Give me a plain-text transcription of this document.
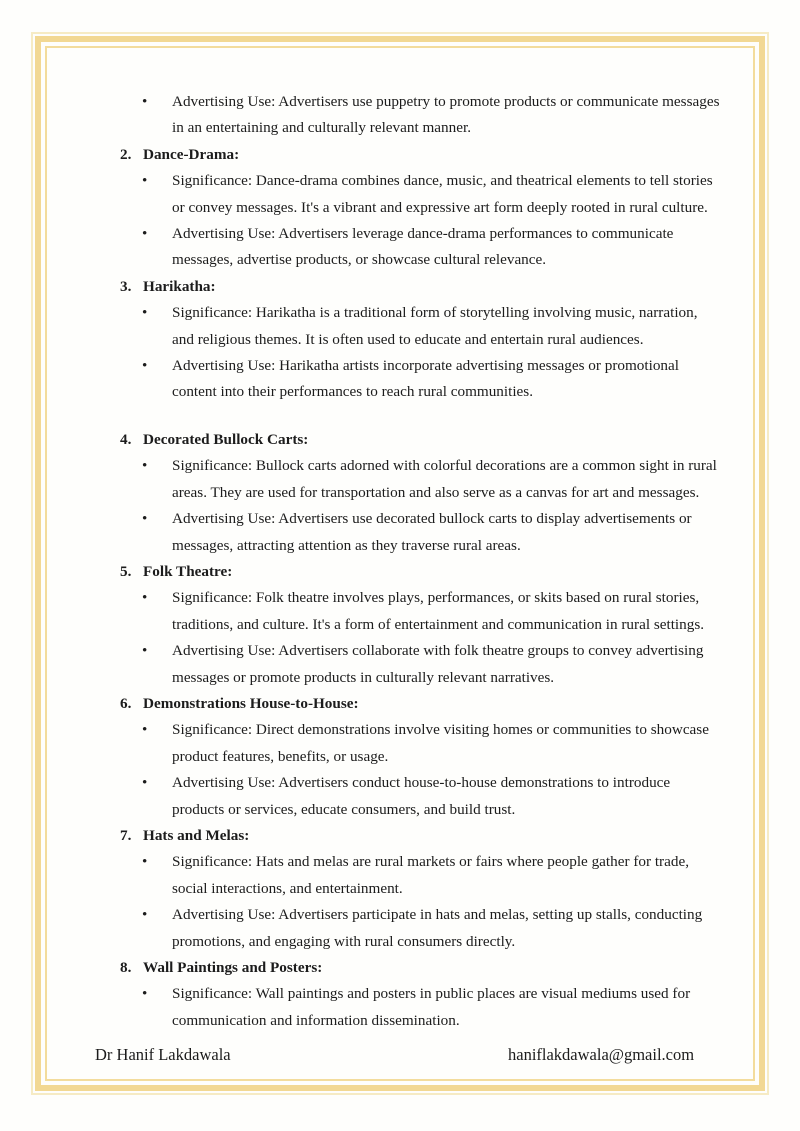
•	Advertising Use: Advertisers use puppetry to promote products or communicate messages
in an entertaining and culturally relevant manner.
2. Dance-Drama:
•	Significance: Dance-drama combines dance, music, and theatrical elements to tell stories
or convey messages. It's a vibrant and expressive art form deeply rooted in rural culture.
•	Advertising Use: Advertisers leverage dance-drama performances to communicate
messages, advertise products, or showcase cultural relevance.
3. Harikatha:
•	Significance: Harikatha is a traditional form of storytelling involving music, narration,
and religious themes. It is often used to educate and entertain rural audiences.
•	Advertising Use: Harikatha artists incorporate advertising messages or promotional
content into their performances to reach rural communities.
4. Decorated Bullock Carts:
•	Significance: Bullock carts adorned with colorful decorations are a common sight in rural
areas. They are used for transportation and also serve as a canvas for art and messages.
•	Advertising Use: Advertisers use decorated bullock carts to display advertisements or
messages, attracting attention as they traverse rural areas.
5. Folk Theatre:
•	Significance: Folk theatre involves plays, performances, or skits based on rural stories,
traditions, and culture. It's a form of entertainment and communication in rural settings.
•	Advertising Use: Advertisers collaborate with folk theatre groups to convey advertising
messages or promote products in culturally relevant narratives.
6. Demonstrations House-to-House:
•	Significance: Direct demonstrations involve visiting homes or communities to showcase
product features, benefits, or usage.
•	Advertising Use: Advertisers conduct house-to-house demonstrations to introduce
products or services, educate consumers, and build trust.
7. Hats and Melas:
•	Significance: Hats and melas are rural markets or fairs where people gather for trade,
social interactions, and entertainment.
•	Advertising Use: Advertisers participate in hats and melas, setting up stalls, conducting
promotions, and engaging with rural consumers directly.
8. Wall Paintings and Posters:
•	Significance: Wall paintings and posters in public places are visual mediums used for
communication and information dissemination.
Dr Hanif Lakdawala	haniflakdawala@gmail.com
